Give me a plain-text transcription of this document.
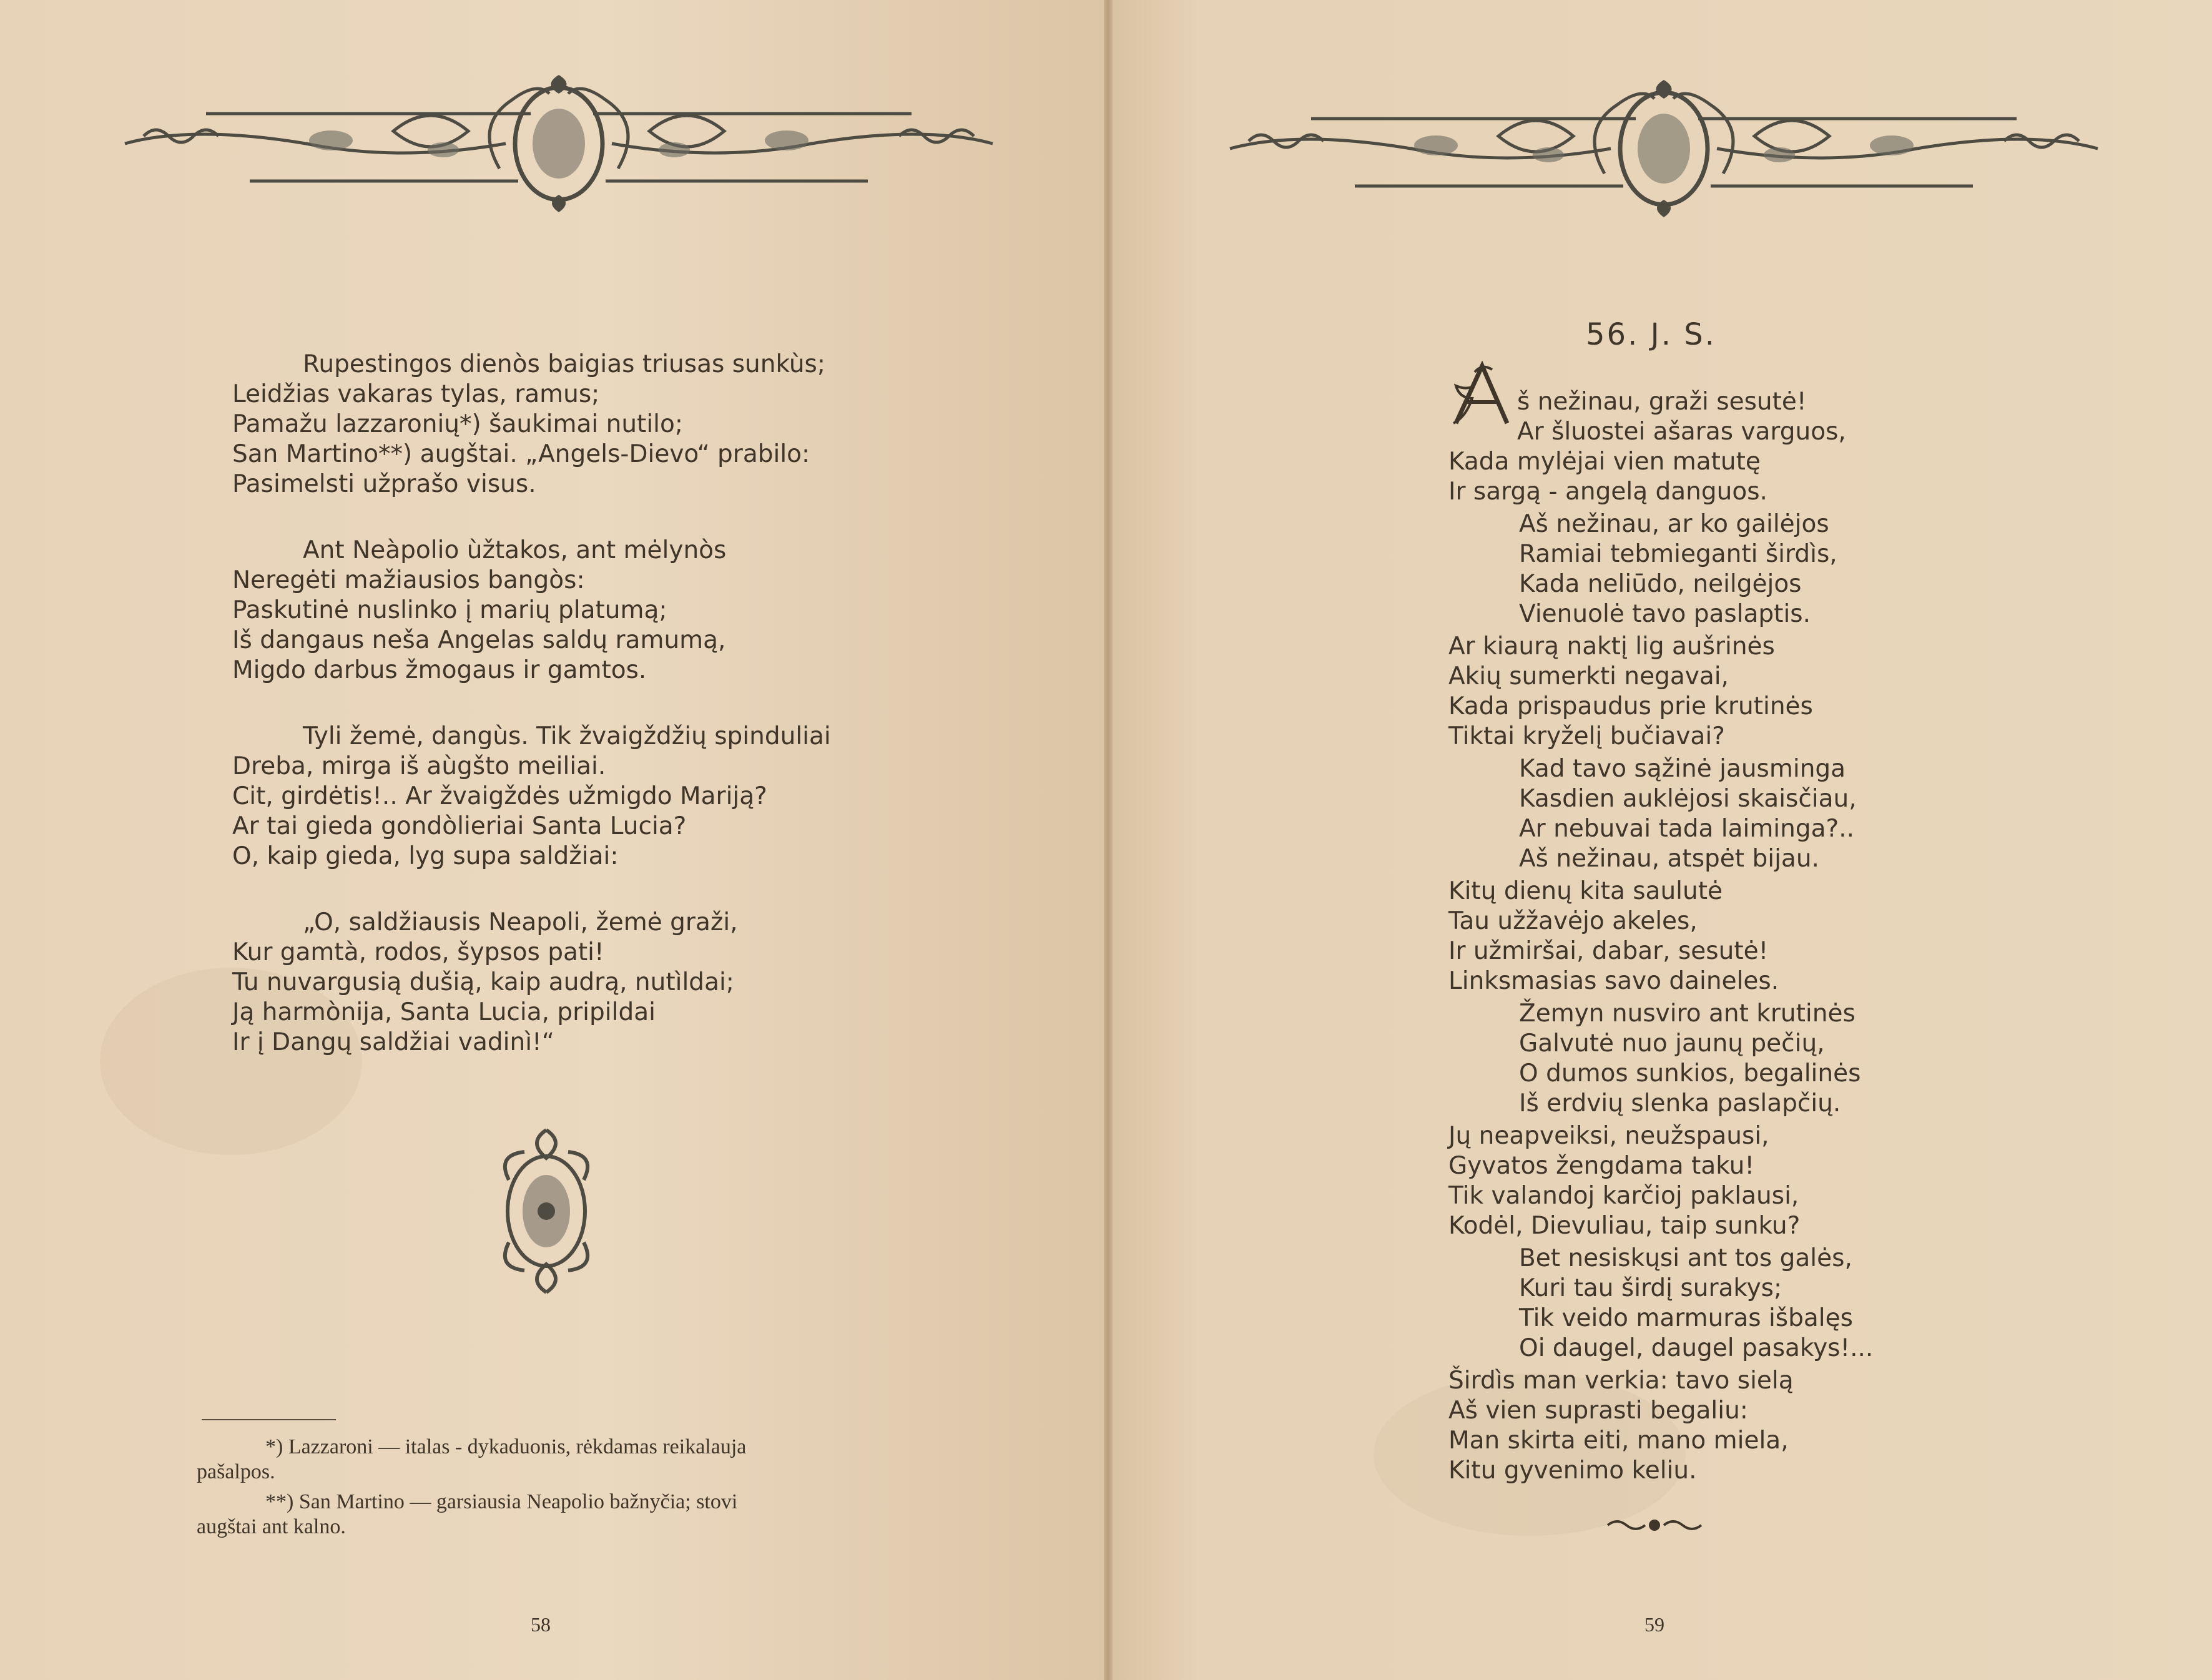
Rupestingos dienòs baigias triusas sunkùs;
Leidžias vakaras tylas, ramus;
Pamažu lazzaronių*) šaukimai nutilo;
San Martino**) augštai. „Angels-Dievo“ prabilo:
Pasimelsti užprašo visus.
Ant Neàpolio ùžtakos, ant mėlynòs
Neregėti mažiausios bangòs:
Paskutinė nuslinko į marių platumą;
Iš dangaus neša Angelas saldų ramumą,
Migdo darbus žmogaus ir gamtos.
Tyli žemė, dangùs. Tik žvaigždžių spinduliai
Dreba, mirga iš aùgšto meiliai.
Cit, girdėtis!.. Ar žvaigždės užmigdo Mariją?
Ar tai gieda gondòlieriai Santa Lucia?
O, kaip gieda, lyg supa saldžiai:
„O, saldžiausis Neapoli, žemė graži,
Kur gamtà, rodos, šypsos pati!
Tu nuvargusią dušią, kaip audrą, nutìldai;
Ją harmònija, Santa Lucia, pripildai
Ir į Dangų saldžiai vadinì!“
*) Lazzaroni — italas - dykaduonis, rėkdamas reikalauja
pašalpos.
**) San Martino — garsiausia Neapolio bažnyčia; stovi
augštai ant kalno.
58
56. J. S.
š nežinau, graži sesutė!
Ar šluostei ašaras varguos,
Kada mylėjai vien matutę
Ir sargą - angelą danguos.
Aš nežinau, ar ko gailėjos
Ramiai tebmieganti širdìs,
Kada neliūdo, neilgėjos
Vienuolė tavo paslaptis.
Ar kiaurą naktį lig aušrinės
Akių sumerkti negavai,
Kada prispaudus prie krutinės
Tiktai kryželį bučiavai?
Kad tavo sąžinė jausminga
Kasdien auklėjosi skaisčiau,
Ar nebuvai tada laiminga?..
Aš nežinau, atspėt bijau.
Kitų dienų kita saulutė
Tau užžavėjo akeles,
Ir užmiršai, dabar, sesutė!
Linksmasias savo daineles.
Žemyn nusviro ant krutinės
Galvutė nuo jaunų pečių,
O dumos sunkios, begalinės
Iš erdvių slenka paslapčių.
Jų neapveiksi, neužspausi,
Gyvatos žengdama taku!
Tik valandoj karčioj paklausi,
Kodėl, Dievuliau, taip sunku?
Bet nesiskųsi ant tos galės,
Kuri tau širdį surakys;
Tik veido marmuras išbalęs
Oi daugel, daugel pasakys!...
Širdìs man verkia: tavo sielą
Aš vien suprasti begaliu:
Man skirta eiti, mano miela,
Kitu gyvenimo keliu.
59
